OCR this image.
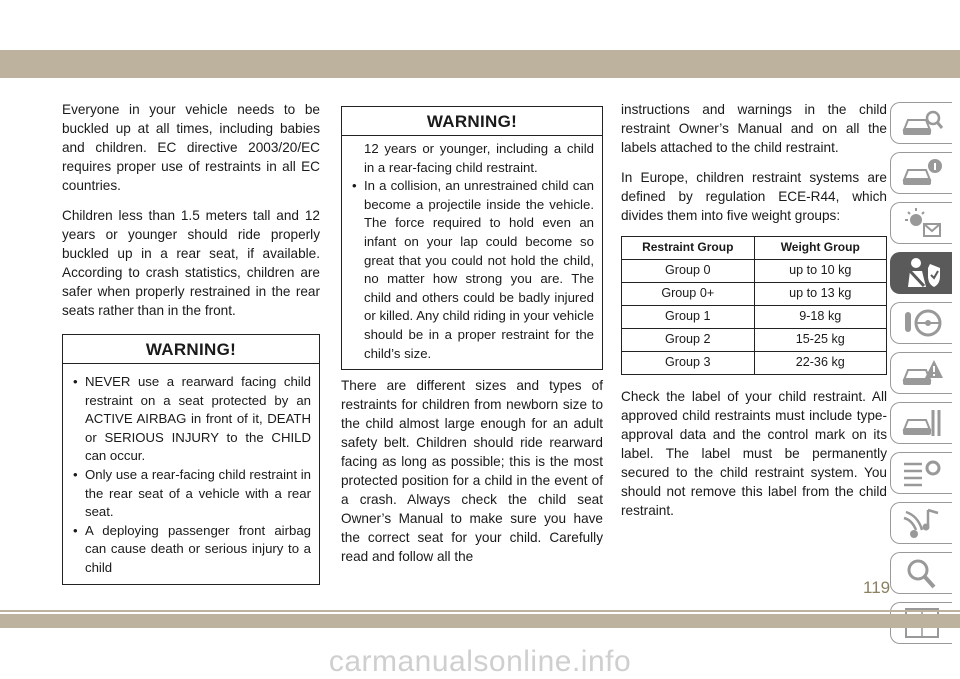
Everyone in your vehicle needs to be buckled up at all times, including babies and children. EC directive 2003/20/EC requires proper use of restraints in all EC countries.

Children less than 1.5 meters tall and 12 years or younger should ride properly buckled up in a rear seat, if available. According to crash statistics, children are safer when properly restrained in the rear seats rather than in the front.

WARNING!
• NEVER use a rearward facing child restraint on a seat protected by an ACTIVE AIRBAG in front of it, DEATH or SERIOUS INJURY to the CHILD can occur.
• Only use a rear-facing child restraint in the rear seat of a vehicle with a rear seat.
• A deploying passenger front airbag can cause death or serious injury to a child
WARNING!
12 years or younger, including a child in a rear-facing child restraint.
• In a collision, an unrestrained child can become a projectile inside the vehicle. The force required to hold even an infant on your lap could become so great that you could not hold the child, no matter how strong you are. The child and others could be badly injured or killed. Any child riding in your vehicle should be in a proper restraint for the child’s size.

There are different sizes and types of restraints for children from newborn size to the child almost large enough for an adult safety belt. Children should ride rearward facing as long as possible; this is the most protected position for a child in the event of a crash. Always check the child seat Owner’s Manual to make sure you have the correct seat for your child. Carefully read and follow all the

instructions and warnings in the child restraint Owner’s Manual and on all the labels attached to the child restraint.

In Europe, children restraint systems are defined by regulation ECE-R44, which divides them into five weight groups:

Restraint Group	Weight Group
Group 0	up to 10 kg
Group 0+	up to 13 kg
Group 1	9-18 kg
Group 2	15-25 kg
Group 3	22-36 kg

Check the label of your child restraint. All approved child restraints must include type-approval data and the control mark on its label. The label must be permanently secured to the child restraint system. You should not remove this label from the child restraint.

119
carmanualsonline.info
